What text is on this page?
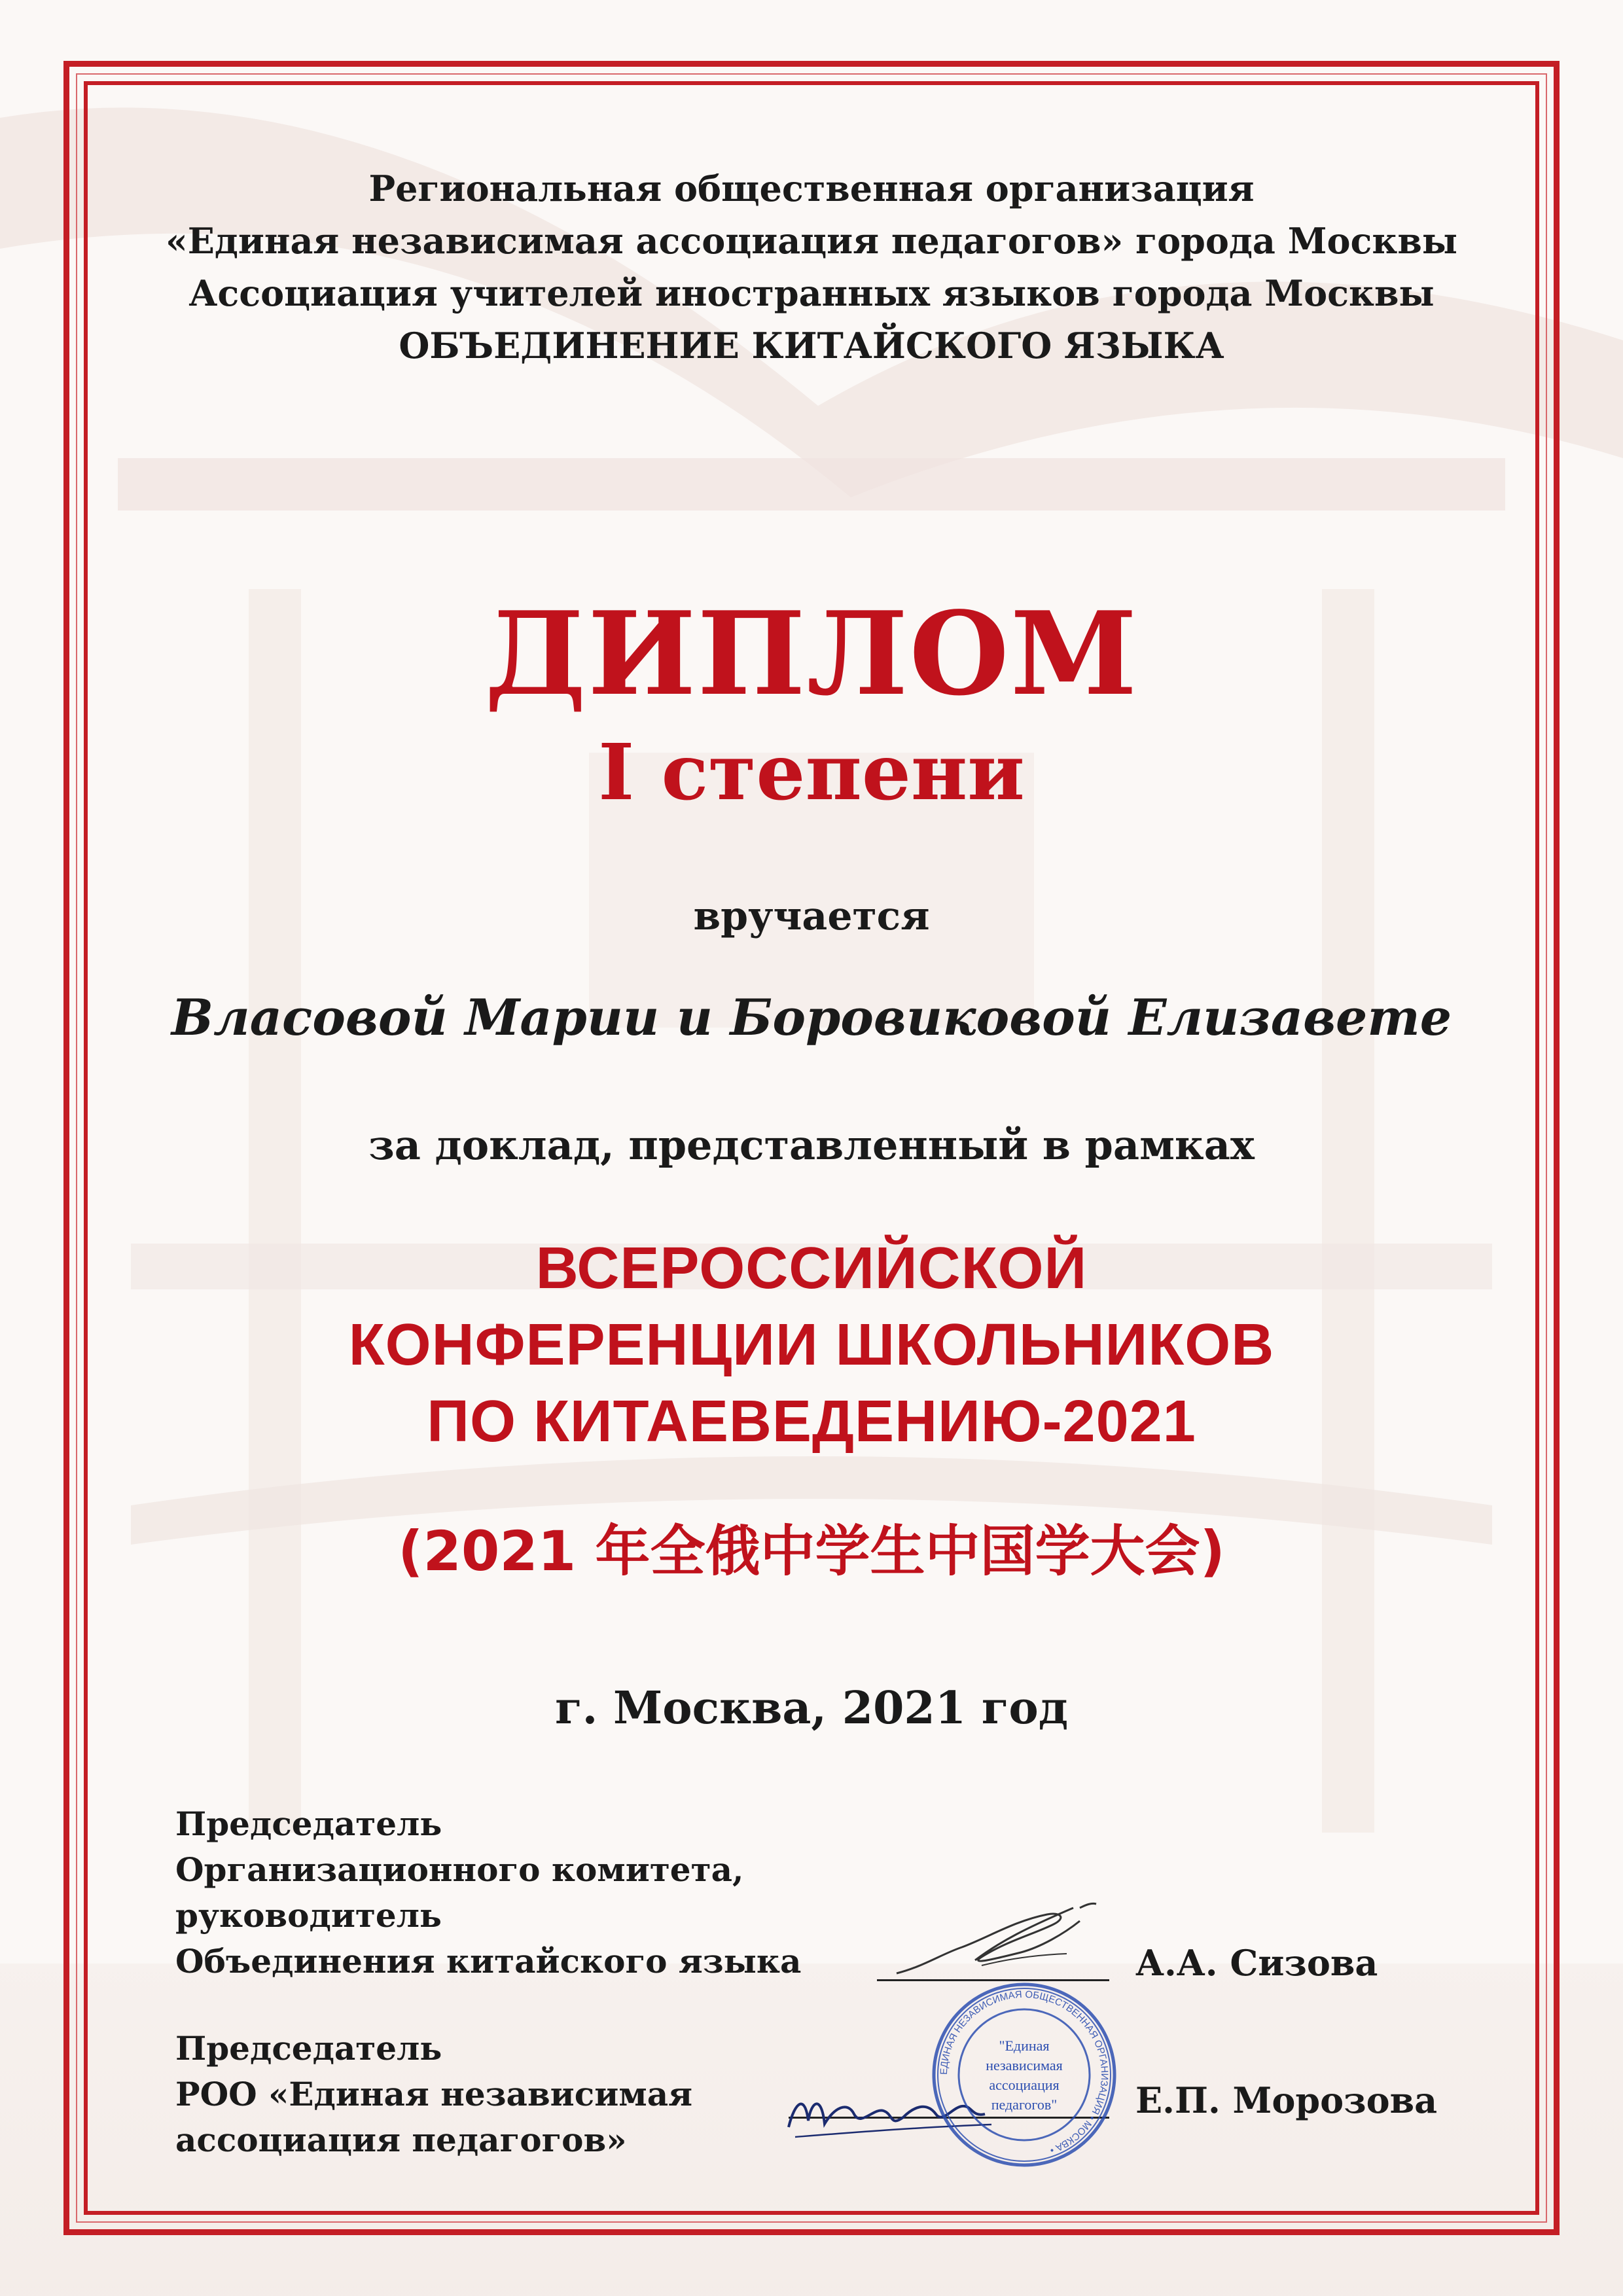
Региональная общественная организация
«Единая независимая ассоциация педагогов» города Москвы
Ассоциация учителей иностранных языков города Москвы
ОБЪЕДИНЕНИЕ КИТАЙСКОГО ЯЗЫКА
ДИПЛОМ
I степени
вручается
Власовой Марии и Боровиковой Елизавете
за доклад, представленный в рамках
ВСЕРОССИЙСКОЙ
КОНФЕРЕНЦИИ ШКОЛЬНИКОВ
ПО КИТАЕВЕДЕНИЮ-2021
(2021 年全俄中学生中国学大会)
г. Москва, 2021 год
Председатель
Организационного комитета,
руководитель
Объединения китайского языка	А.А. Сизова
Председатель
РОО «Единая независимая
ассоциация педагогов»
Е.П. Морозова
ЕДИНАЯ НЕЗАВИСИМАЯ ОБЩЕСТВЕННАЯ ОРГАНИЗАЦИЯ • МОСКВА •
"Единая
независимая
ассоциация
педагогов"
